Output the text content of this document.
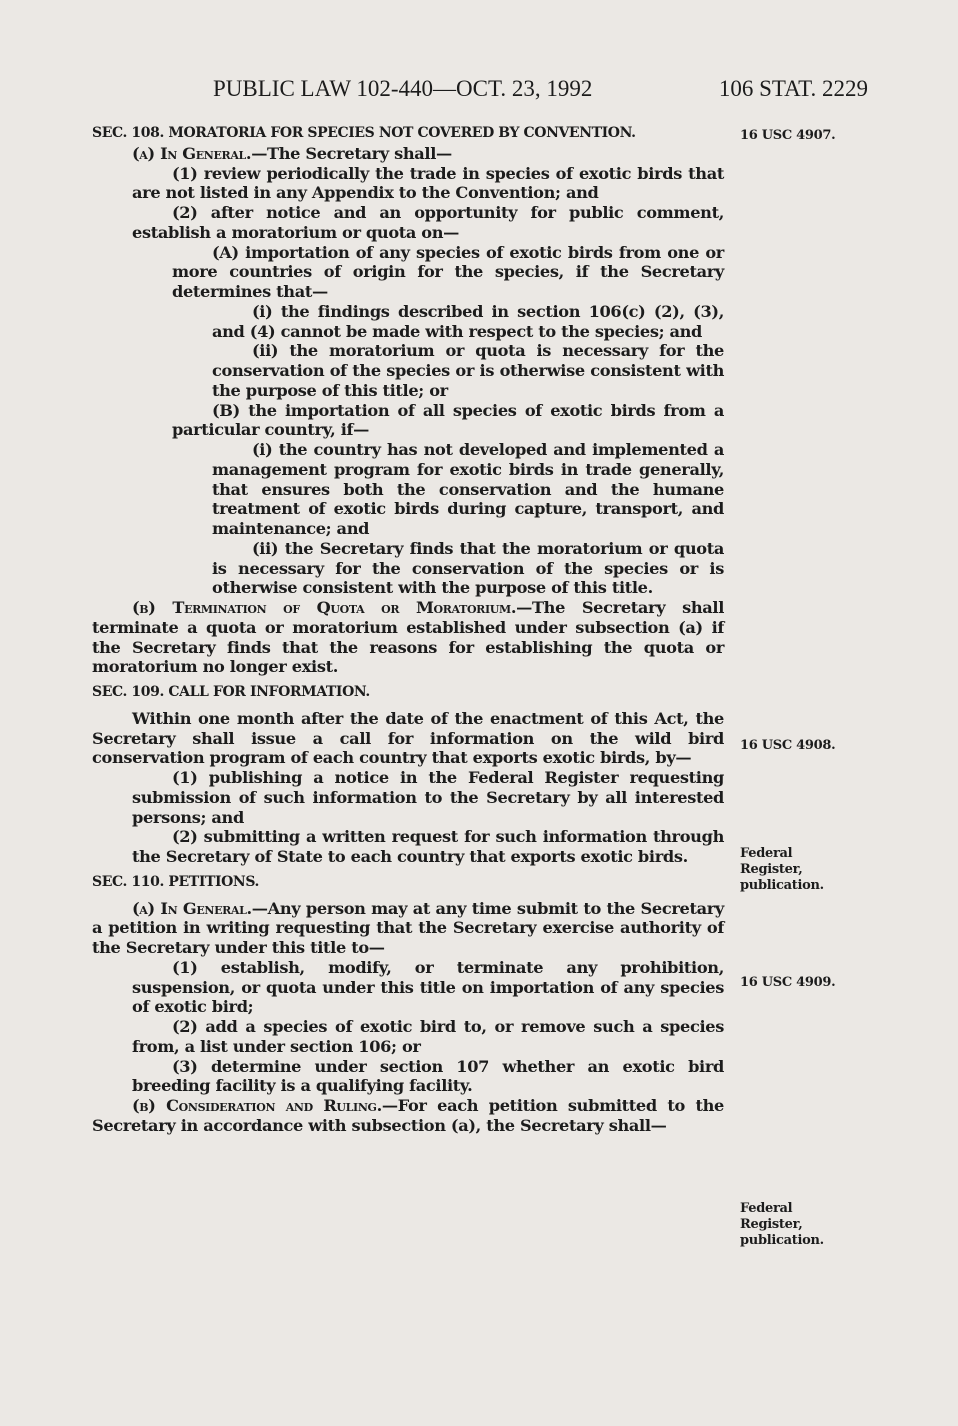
PUBLIC LAW 102-440—OCT. 23, 1992	106 STAT. 2229
16 USC 4907.
16 USC 4908.
Federal Register, publication.
16 USC 4909.
Federal Register, publication.

SEC. 108. MORATORIA FOR SPECIES NOT COVERED BY CONVENTION.

(a) In General.—The Secretary shall—

(1) review periodically the trade in species of exotic birds that are not listed in any Appendix to the Convention; and

(2) after notice and an opportunity for public comment, establish a moratorium or quota on—

(A) importation of any species of exotic birds from one or more countries of origin for the species, if the Secretary determines that—

(i) the findings described in section 106(c) (2), (3), and (4) cannot be made with respect to the species; and

(ii) the moratorium or quota is necessary for the conservation of the species or is otherwise consistent with the purpose of this title; or

(B) the importation of all species of exotic birds from a particular country, if—

(i) the country has not developed and implemented a management program for exotic birds in trade generally, that ensures both the conservation and the humane treatment of exotic birds during capture, transport, and maintenance; and

(ii) the Secretary finds that the moratorium or quota is necessary for the conservation of the species or is otherwise consistent with the purpose of this title.

(b) Termination of Quota or Moratorium.—The Secretary shall terminate a quota or moratorium established under subsection (a) if the Secretary finds that the reasons for establishing the quota or moratorium no longer exist.

SEC. 109. CALL FOR INFORMATION.

Within one month after the date of the enactment of this Act, the Secretary shall issue a call for information on the wild bird conservation program of each country that exports exotic birds, by—

(1) publishing a notice in the Federal Register requesting submission of such information to the Secretary by all interested persons; and

(2) submitting a written request for such information through the Secretary of State to each country that exports exotic birds.

SEC. 110. PETITIONS.

(a) In General.—Any person may at any time submit to the Secretary a petition in writing requesting that the Secretary exercise authority of the Secretary under this title to—

(1) establish, modify, or terminate any prohibition, suspension, or quota under this title on importation of any species of exotic bird;

(2) add a species of exotic bird to, or remove such a species from, a list under section 106; or

(3) determine under section 107 whether an exotic bird breeding facility is a qualifying facility.

(b) Consideration and Ruling.—For each petition submitted to the Secretary in accordance with subsection (a), the Secretary shall—
